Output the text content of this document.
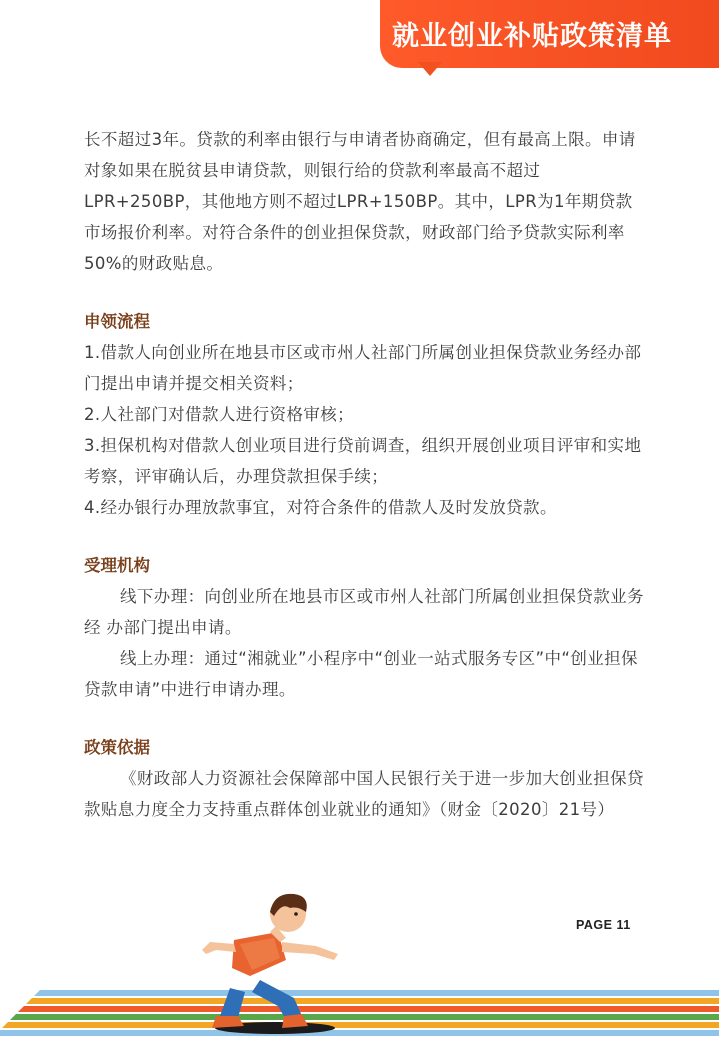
就业创业补贴政策清单

长不超过3年。贷款的利率由银行与申请者协商确定，但有最高上限。申请对象如果在脱贫县申请贷款，则银行给的贷款利率最高不超过LPR+250BP，其他地方则不超过LPR+150BP。其中，LPR为1年期贷款市场报价利率。对符合条件的创业担保贷款，财政部门给予贷款实际利率50%的财政贴息。

申领流程

1.借款人向创业所在地县市区或市州人社部门所属创业担保贷款业务经办部门提出申请并提交相关资料；

2.人社部门对借款人进行资格审核；

3.担保机构对借款人创业项目进行贷前调查，组织开展创业项目评审和实地考察，评审确认后，办理贷款担保手续；

4.经办银行办理放款事宜，对符合条件的借款人及时发放贷款。

受理机构

线下办理：向创业所在地县市区或市州人社部门所属创业担保贷款业务经 办部门提出申请。

线上办理：通过“湘就业”小程序中“创业一站式服务专区”中“创业担保贷款申请”中进行申请办理。

政策依据

《财政部人力资源社会保障部中国人民银行关于进一步加大创业担保贷款贴息力度全力支持重点群体创业就业的通知》（财金〔2020〕21号）

PAGE 11
